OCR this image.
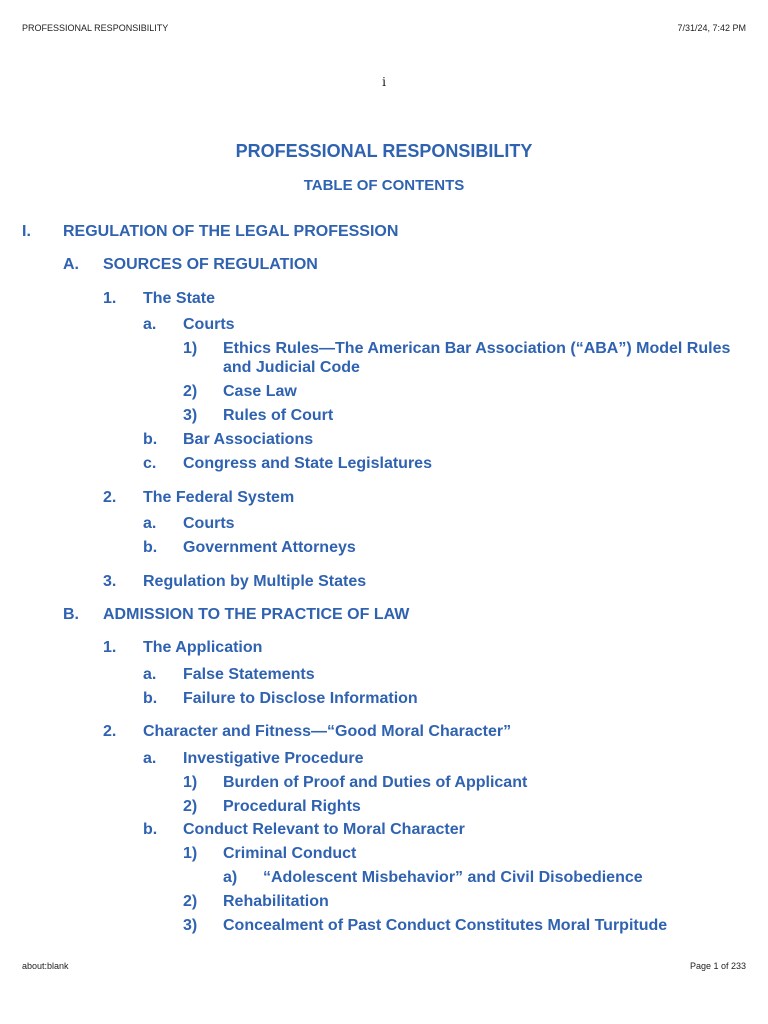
PROFESSIONAL RESPONSIBILITY	7/31/24, 7:42 PM
i
PROFESSIONAL RESPONSIBILITY
TABLE OF CONTENTS
I. REGULATION OF THE LEGAL PROFESSION
A. SOURCES OF REGULATION
1. The State
a. Courts
1) Ethics Rules—The American Bar Association (“ABA”) Model Rules and Judicial Code
2) Case Law
3) Rules of Court
b. Bar Associations
c. Congress and State Legislatures
2. The Federal System
a. Courts
b. Government Attorneys
3. Regulation by Multiple States
B. ADMISSION TO THE PRACTICE OF LAW
1. The Application
a. False Statements
b. Failure to Disclose Information
2. Character and Fitness—“Good Moral Character”
a. Investigative Procedure
1) Burden of Proof and Duties of Applicant
2) Procedural Rights
b. Conduct Relevant to Moral Character
1) Criminal Conduct
a) “Adolescent Misbehavior” and Civil Disobedience
2) Rehabilitation
3) Concealment of Past Conduct Constitutes Moral Turpitude
about:blank	Page 1 of 233
